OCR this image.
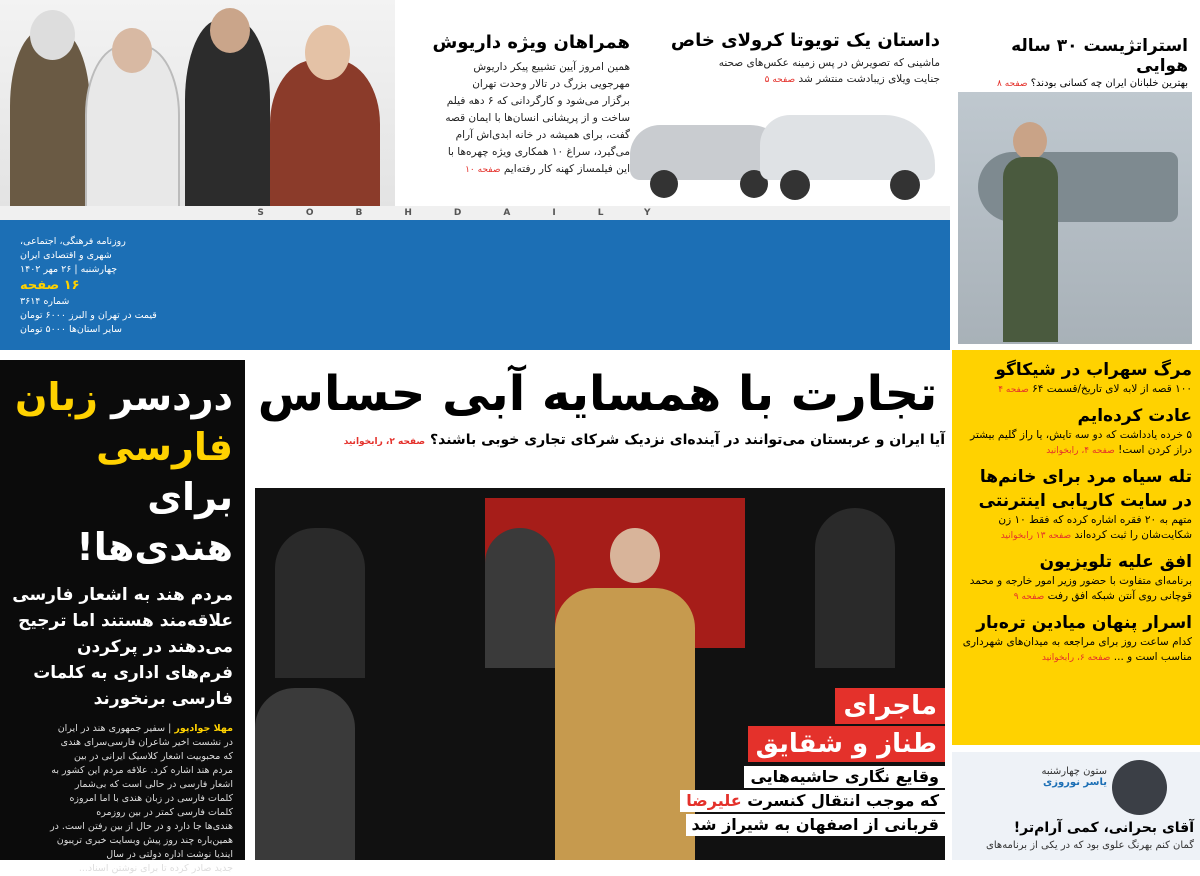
همراهان ویژه داریوش
همین امروز آیین تشییع پیکر داریوش
مهرجویی بزرگ در تالار وحدت تهران
برگزار می‌شود و کارگردانی که ۶ دهه فیلم
ساخت و از پریشانی انسان‌ها با ایمان قصه
گفت، برای همیشه در خانه ابدی‌اش آرام
می‌گیرد، سراغ ۱۰ همکاری ویژه چهره‌ها با
این فیلمساز کهنه کار رفته‌ایم صفحه ۱۰
داستان یک تویوتا کرولای خاص
ماشینی که تصویرش در پس زمینه عکس‌های صحنه
جنایت ویلای زیبادشت منتشر شد صفحه ۵
SOBHDAILY
روزنامه فرهنگی، اجتماعی،
شهری و اقتصادی ایران
چهارشنبه | ۲۶ مهر ۱۴۰۲
۱۶ صفحه
شماره ۳۶۱۴
قیمت در تهران و البرز ۶۰۰۰ تومان
سایر استان‌ها ۵۰۰۰ تومان
استراتژیست ۳۰ ساله هوایی
بهترین خلبانان ایران چه کسانی بودند؟ صفحه ۸
مرگ سهراب در شیکاگو
۱۰۰ قصه از لابه لای تاریخ/قسمت ۶۴ صفحه ۴
عادت کرده‌ایم
۵ خرده یادداشت که دو سه تایش، یا راز گلیم بیشتر دراز کردن است! صفحه ۴، رابخوانید
تله سیاه مرد برای خانم‌ها در سایت کاریابی اینترنتی
متهم به ۲۰ فقره اشاره کرده که فقط ۱۰ زن شکایت‌شان را ثبت کرده‌اند صفحه ۱۳ رابخوانید
افق علیه تلویزیون
برنامه‌ای متفاوت با حضور وزیر امور خارجه و محمد قوچانی روی آنتن شبکه افق رفت صفحه ۹
اسرار پنهان میادین تره‌بار
کدام ساعت روز برای مراجعه به میدان‌های شهرداری مناسب است و ... صفحه ۶، رابخوانید
ستون چهارشنبه
یاسر نوروزی
آقای بحرانی، کمی آرام‌تر!
گمان کنم بهرنگ علوی بود که در یکی از برنامه‌های
تجارت با همسایه آبی حساس
آیا ایران و عربستان می‌توانند در آینده‌ای نزدیک شرکای تجاری خوبی باشند؟ صفحه ۲، رابخوانید
ماجرای
طناز و شقایق
وقایع نگاری حاشیه‌هایی
که موجب انتقال کنسرت علیرضا
قربانی از اصفهان به شیراز شد
دردسر زبان
فارسی برای
هندی‌ها!
مردم هند به اشعار فارسی
علاقه‌مند هستند اما ترجیح
می‌دهند در پرکردن
فرم‌های اداری به کلمات
فارسی برنخورند
مهلا جوادپور | سفیر جمهوری هند در ایران
در نشست اخیر شاعران فارسی‌سرای هندی
که محبوبیت اشعار کلاسیک ایرانی در بین
مردم هند اشاره کرد. علاقه مردم این کشور به
اشعار فارسی در حالی است که بی‌شمار
کلمات فارسی در زبان هندی با اما امروزه
کلمات فارسی کمتر در بین روزمره
هندی‌ها جا دارد و در حال از بین رفتن است. در
همین‌باره چند روز پیش وبسایت خبری تریبون
ایندیا نوشت اداره دولتی در سال
جدید صادر کرده تا برای نوشتن اسناد...
